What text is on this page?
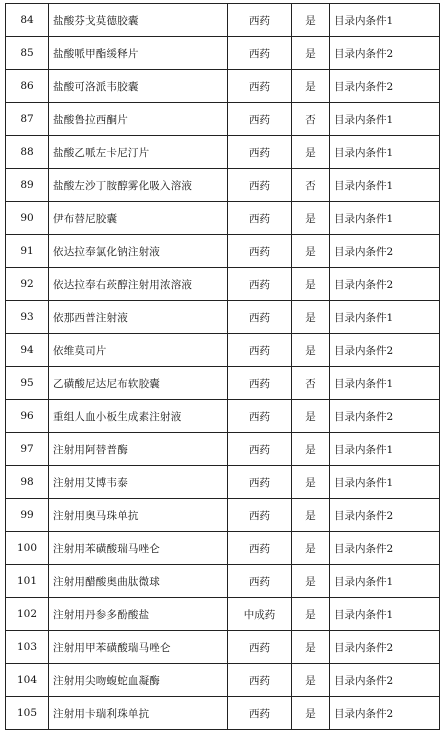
84	盐酸芬戈莫德胶囊	西药	是	目录内条件1
85	盐酸哌甲酯缓释片	西药	是	目录内条件2
86	盐酸可洛派韦胶囊	西药	是	目录内条件2
87	盐酸鲁拉西酮片	西药	否	目录内条件1
88	盐酸乙哌左卡尼汀片	西药	是	目录内条件1
89	盐酸左沙丁胺醇雾化吸入溶液	西药	否	目录内条件1
90	伊布替尼胶囊	西药	是	目录内条件1
91	依达拉奉氯化钠注射液	西药	是	目录内条件2
92	依达拉奉右莰醇注射用浓溶液	西药	是	目录内条件2
93	依那西普注射液	西药	是	目录内条件1
94	依维莫司片	西药	是	目录内条件2
95	乙磺酸尼达尼布软胶囊	西药	否	目录内条件1
96	重组人血小板生成素注射液	西药	是	目录内条件2
97	注射用阿替普酶	西药	是	目录内条件1
98	注射用艾博韦泰	西药	是	目录内条件1
99	注射用奥马珠单抗	西药	是	目录内条件2
100	注射用苯磺酸瑞马唑仑	西药	是	目录内条件2
101	注射用醋酸奥曲肽微球	西药	是	目录内条件1
102	注射用丹参多酚酸盐	中成药	是	目录内条件1
103	注射用甲苯磺酸瑞马唑仑	西药	是	目录内条件2
104	注射用尖吻蝮蛇血凝酶	西药	是	目录内条件2
105	注射用卡瑞利珠单抗	西药	是	目录内条件2
